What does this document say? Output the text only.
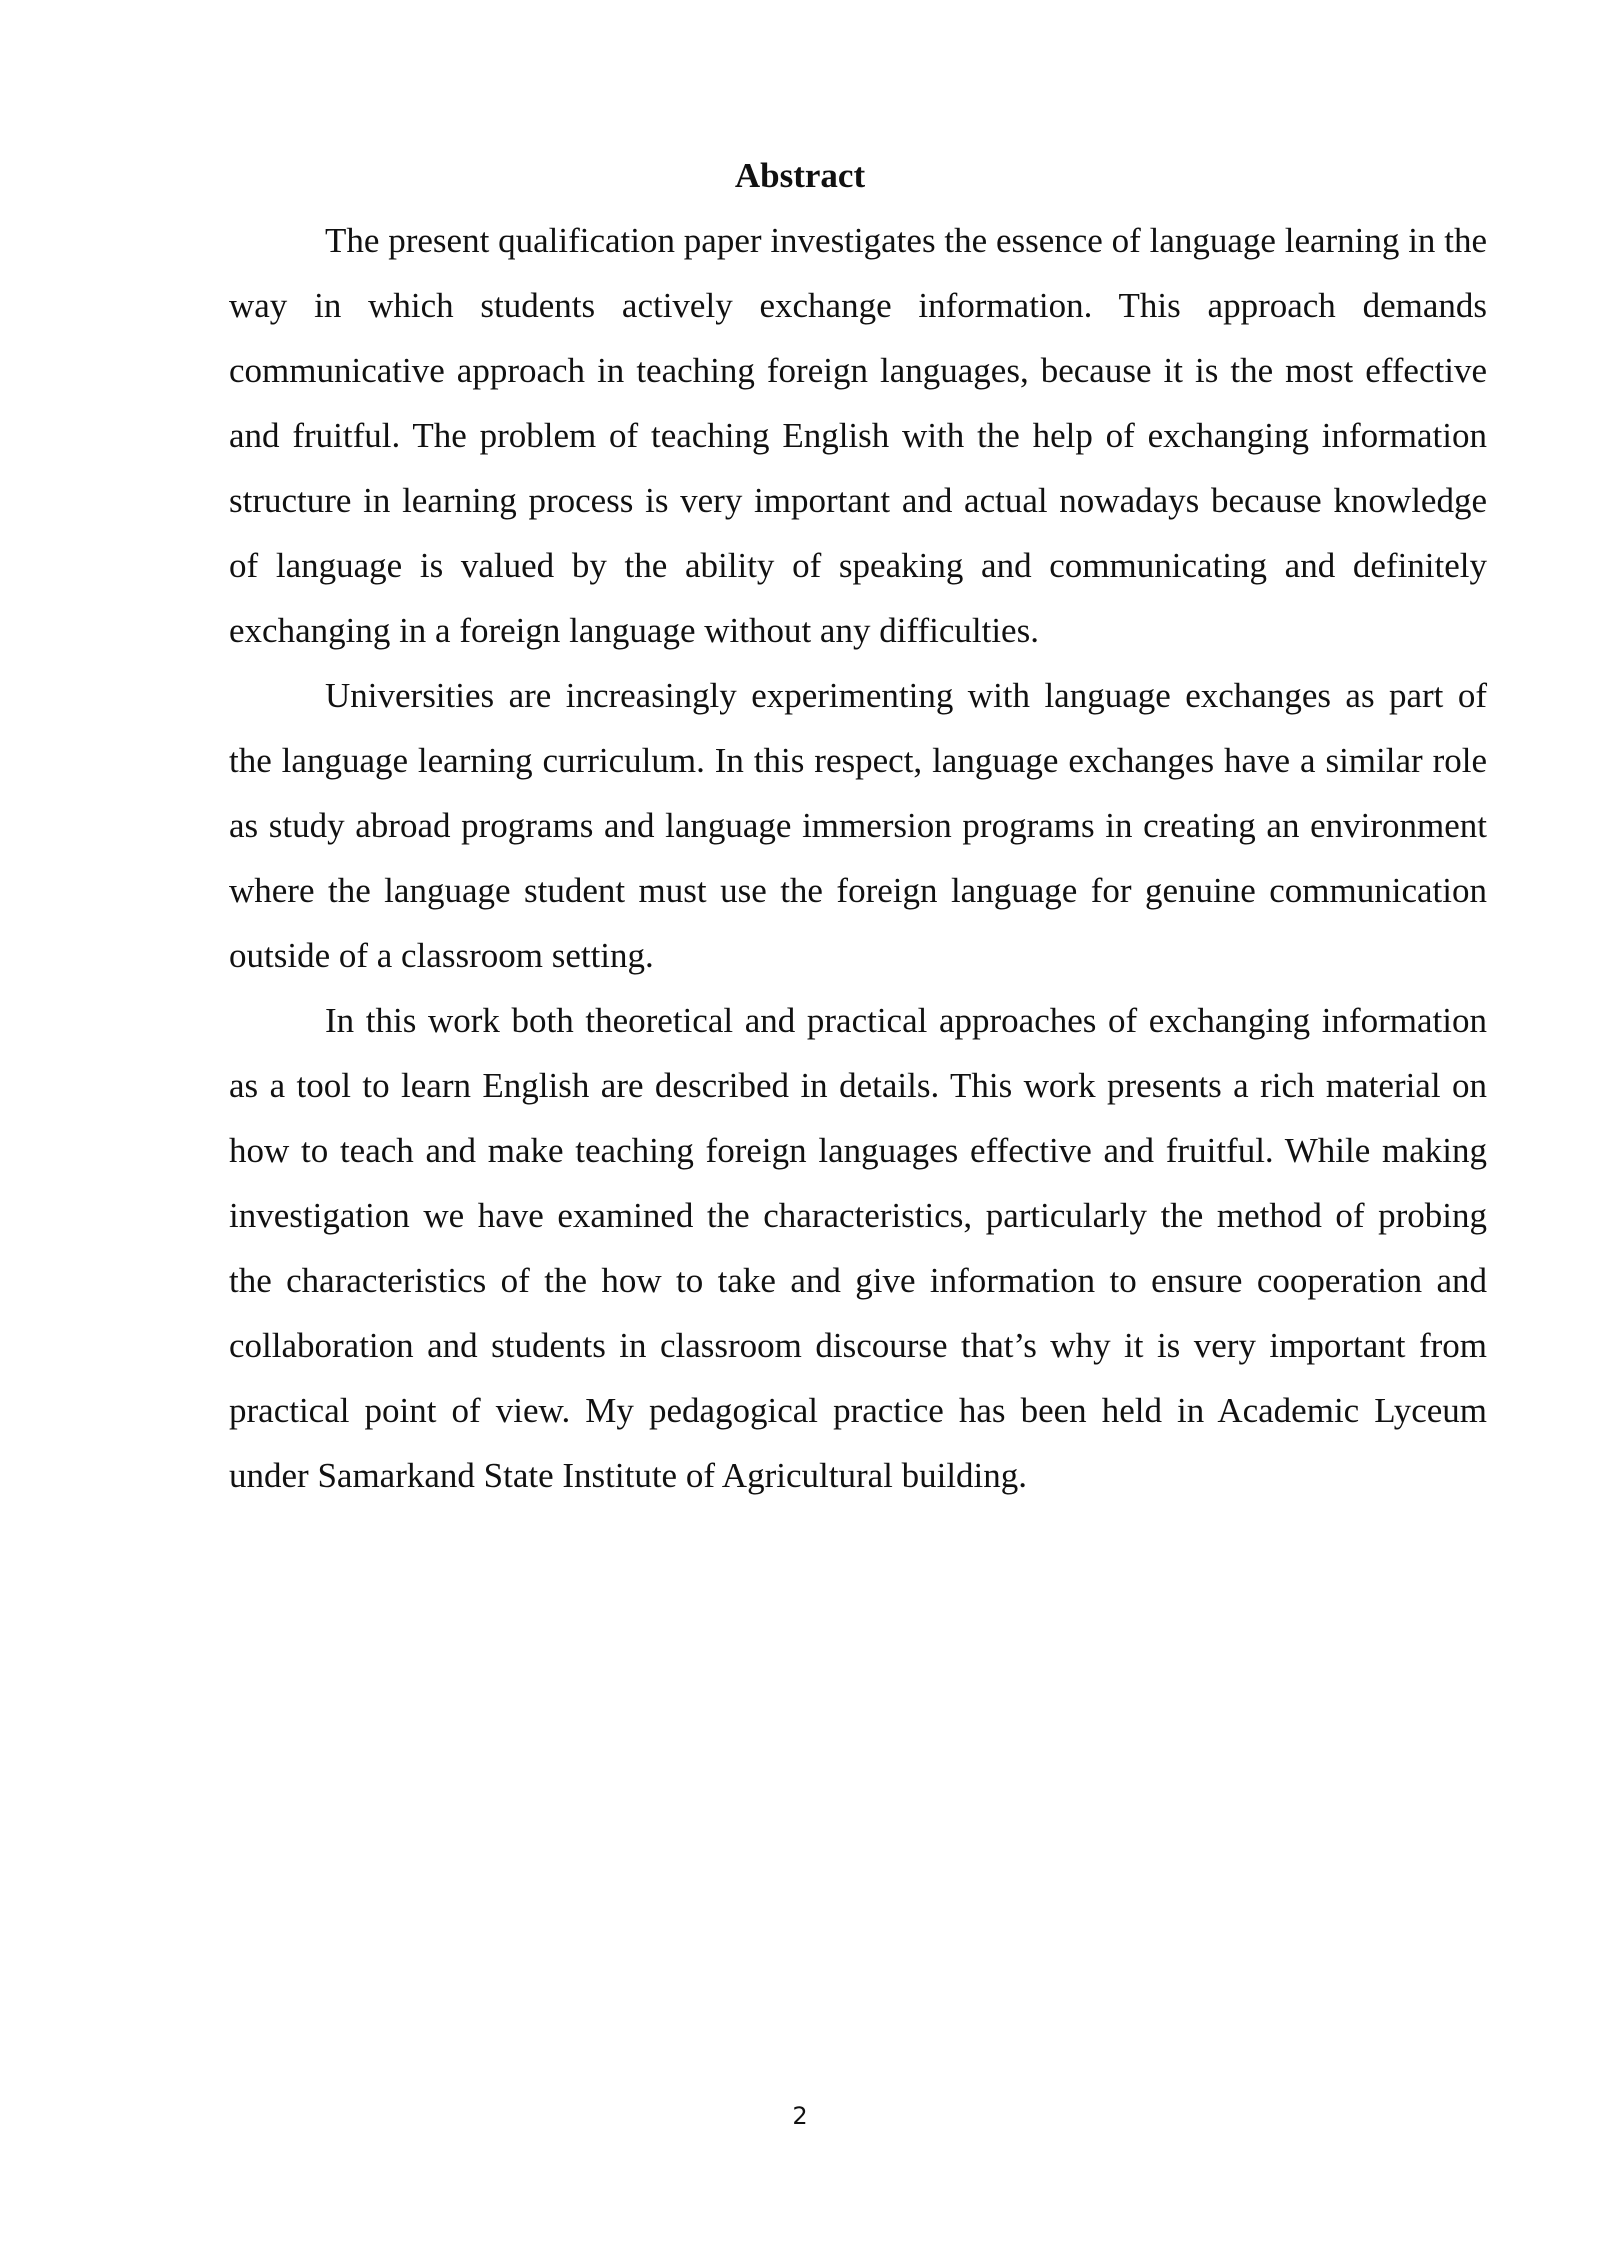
Abstract

The present qualification paper investigates the essence of language learning in the way in which students actively exchange information. This approach demands communicative approach in teaching foreign languages, because it is the most effective and fruitful. The problem of teaching English with the help of exchanging information structure in learning process is very important and actual nowadays because knowledge of language is valued by the ability of speaking and communicating and definitely exchanging in a foreign language without any difficulties.

Universities are increasingly experimenting with language exchanges as part of the language learning curriculum. In this respect, language exchanges have a similar role as study abroad programs and language immersion programs in creating an environment where the language student must use the foreign language for genuine communication outside of a classroom setting.

In this work both theoretical and practical approaches of exchanging information as a tool to learn English are described in details. This work presents a rich material on how to teach and make teaching foreign languages effective and fruitful. While making investigation we have examined the characteristics, particularly the method of probing the characteristics of the how to take and give information to ensure cooperation and collaboration and students in classroom discourse that’s why it is very important from practical point of view. My pedagogical practice has been held in Academic Lyceum under Samarkand State Institute of Agricultural building.

2
